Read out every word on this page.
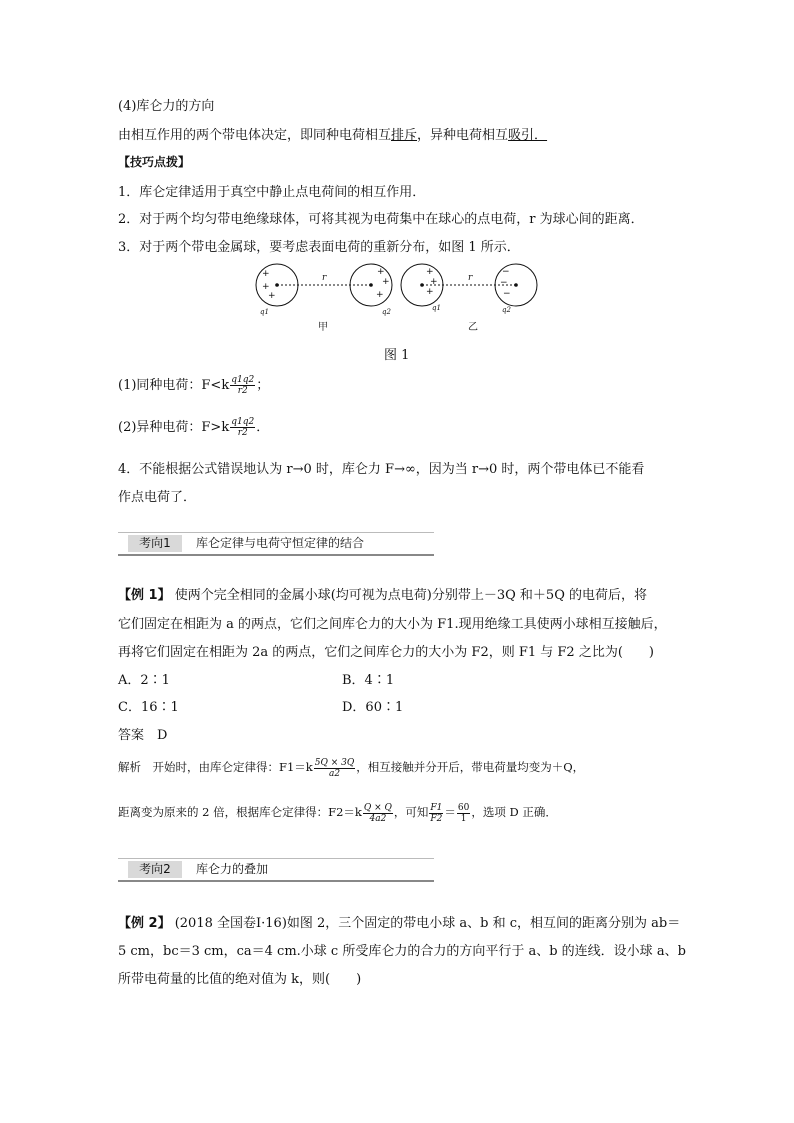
(4)库仑力的方向
由相互作用的两个带电体决定，即同种电荷相互排斥，异种电荷相互吸引．
【技巧点拨】
1．库仑定律适用于真空中静止点电荷间的相互作用．
2．对于两个均匀带电绝缘球体，可将其视为电荷集中在球心的点电荷，r 为球心间的距离．
3．对于两个带电金属球，要考虑表面电荷的重新分布，如图 1 所示．
+
+
+
+
+
+
+
+
+
−
−
−
r	r
q1	q2	q1	q2
甲	乙
图 1
(1)同种电荷：$F<k \frac{q1q2}{r2}$ ；
(2)异种电荷：$F>k \frac{q1q2}{r2}$ ．
4．不能根据公式错误地认为 r→0 时，库仑力 F→∞，因为当 r→0 时，两个带电体已不能看
作点电荷了．
考向1	库仑定律与电荷守恒定律的结合
【例 1】 使两个完全相同的金属小球(均可视为点电荷)分别带上－3Q 和＋5Q 的电荷后，将
它们固定在相距为 a 的两点，它们之间库仑力的大小为 F1.现用绝缘工具使两小球相互接触后，
再将它们固定在相距为 2a 的两点，它们之间库仑力的大小为 F2，则 F1 与 F2 之比为(　　)
A．2∶1	B．4∶1
C．16∶1	D．60∶1
答案　D
解析　开始时，由库仑定律得：$F1=k \frac{5Q \times 3Q}{a2}$ ，相互接触并分开后，带电荷量均变为＋Q，
距离变为原来的 2 倍，根据库仑定律得：$F2=k \frac{Q \times Q}{4a2}$ ，可知 $\frac{F1}{F2} = \frac{60}{1}$ ，选项 D 正确．
考向2	库仑力的叠加
【例 2】 (2018 全国卷Ⅰ·16)如图 2，三个固定的带电小球 a、b 和 c，相互间的距离分别为 ab＝
5 cm，bc＝3 cm，ca＝4 cm.小球 c 所受库仑力的合力的方向平行于 a、b 的连线．设小球 a、b
所带电荷量的比值的绝对值为 k，则(　　)
